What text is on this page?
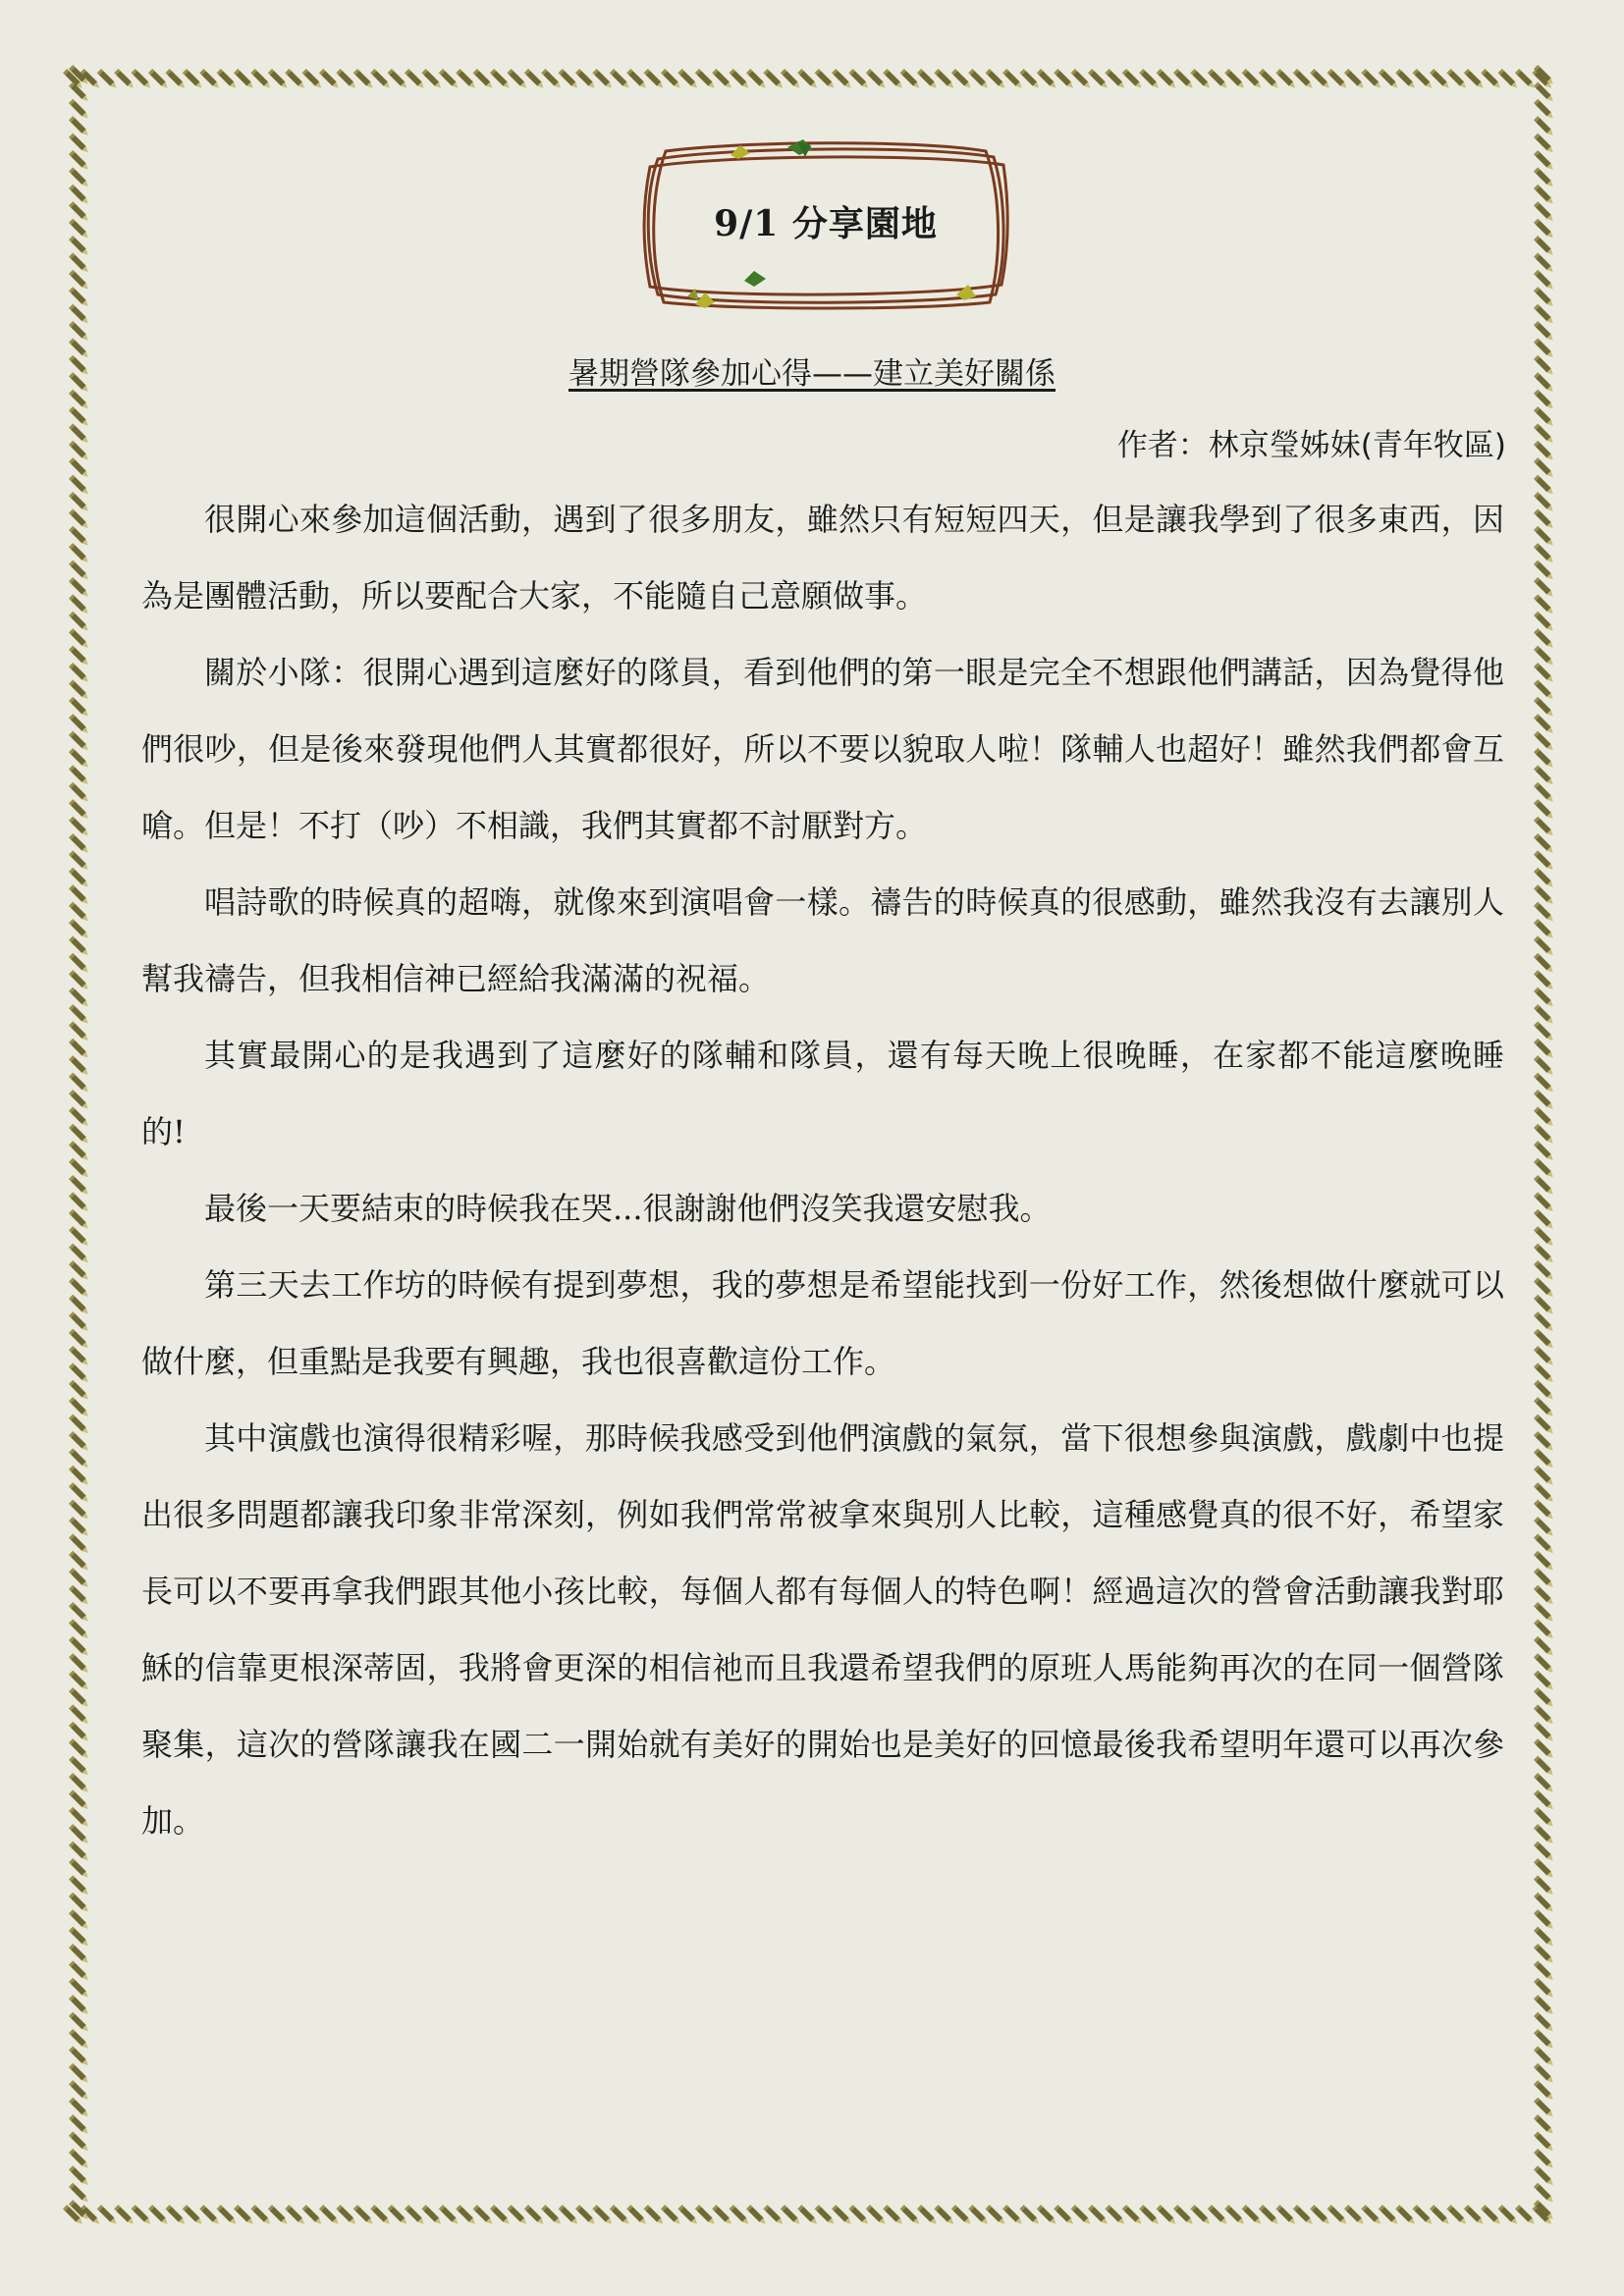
9/1 分享園地
暑期營隊參加心得——建立美好關係
作者：林京瑩姊妹(青年牧區)

很開心來參加這個活動，遇到了很多朋友，雖然只有短短四天，但是讓我學到了很多東西，因為是團體活動，所以要配合大家，不能隨自己意願做事。

關於小隊：很開心遇到這麼好的隊員，看到他們的第一眼是完全不想跟他們講話，因為覺得他們很吵，但是後來發現他們人其實都很好，所以不要以貌取人啦！隊輔人也超好！雖然我們都會互嗆。但是！不打（吵）不相識，我們其實都不討厭對方。

唱詩歌的時候真的超嗨，就像來到演唱會一樣。禱告的時候真的很感動，雖然我沒有去讓別人幫我禱告，但我相信神已經給我滿滿的祝福。

其實最開心的是我遇到了這麼好的隊輔和隊員，還有每天晚上很晚睡，在家都不能這麼晚睡的!

最後一天要結束的時候我在哭...很謝謝他們沒笑我還安慰我。

第三天去工作坊的時候有提到夢想，我的夢想是希望能找到一份好工作，然後想做什麼就可以做什麼，但重點是我要有興趣，我也很喜歡這份工作。

其中演戲也演得很精彩喔，那時候我感受到他們演戲的氣氛，當下很想參與演戲，戲劇中也提出很多問題都讓我印象非常深刻，例如我們常常被拿來與別人比較，這種感覺真的很不好，希望家長可以不要再拿我們跟其他小孩比較，每個人都有每個人的特色啊！經過這次的營會活動讓我對耶穌的信靠更根深蒂固，我將會更深的相信祂而且我還希望我們的原班人馬能夠再次的在同一個營隊聚集，這次的營隊讓我在國二一開始就有美好的開始也是美好的回憶最後我希望明年還可以再次參加。
